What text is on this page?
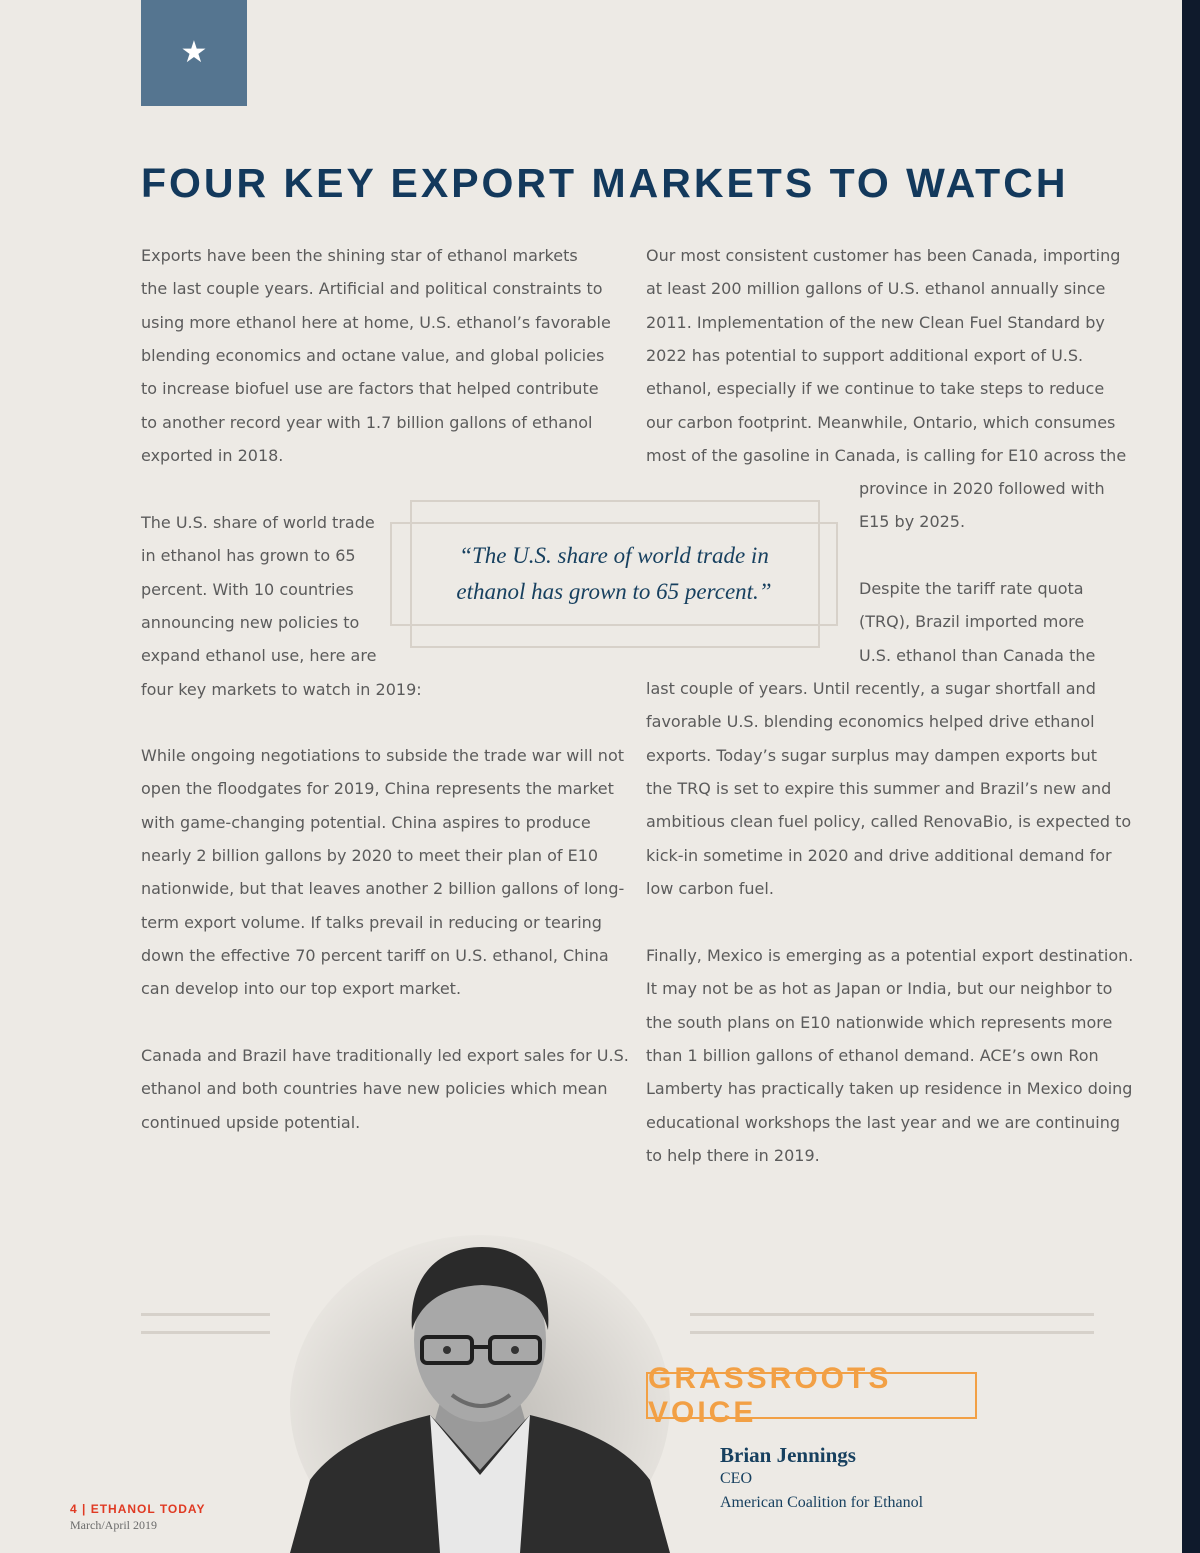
★
FOUR KEY EXPORT MARKETS TO WATCH
Exports have been the shining star of ethanol markets
the last couple years. Artificial and political constraints to
using more ethanol here at home, U.S. ethanol’s favorable
blending economics and octane value, and global policies
to increase biofuel use are factors that helped contribute
to another record year with 1.7 billion gallons of ethanol
exported in 2018.
The U.S. share of world trade
in ethanol has grown to 65
percent. With 10 countries
announcing new policies to
expand ethanol use, here are
four key markets to watch in 2019:
While ongoing negotiations to subside the trade war will not
open the floodgates for 2019, China represents the market
with game-changing potential. China aspires to produce
nearly 2 billion gallons by 2020 to meet their plan of E10
nationwide, but that leaves another 2 billion gallons of long-
term export volume. If talks prevail in reducing or tearing
down the effective 70 percent tariff on U.S. ethanol, China
can develop into our top export market.
Canada and Brazil have traditionally led export sales for U.S.
ethanol and both countries have new policies which mean
continued upside potential.
Our most consistent customer has been Canada, importing
at least 200 million gallons of U.S. ethanol annually since
2011. Implementation of the new Clean Fuel Standard by
2022 has potential to support additional export of U.S.
ethanol, especially if we continue to take steps to reduce
our carbon footprint. Meanwhile, Ontario, which consumes
most of the gasoline in Canada, is calling for E10 across the
province in 2020 followed with
E15 by 2025.
Despite the tariff rate quota
(TRQ), Brazil imported more
U.S. ethanol than Canada the
last couple of years. Until recently, a sugar shortfall and
favorable U.S. blending economics helped drive ethanol
exports. Today’s sugar surplus may dampen exports but
the TRQ is set to expire this summer and Brazil’s new and
ambitious clean fuel policy, called RenovaBio, is expected to
kick-in sometime in 2020 and drive additional demand for
low carbon fuel.
Finally, Mexico is emerging as a potential export destination.
It may not be as hot as Japan or India, but our neighbor to
the south plans on E10 nationwide which represents more
than 1 billion gallons of ethanol demand. ACE’s own Ron
Lamberty has practically taken up residence in Mexico doing
educational workshops the last year and we are continuing
to help there in 2019.
“The U.S. share of world trade in
ethanol has grown to 65 percent.”
GRASSROOTS VOICE
Brian Jennings
CEO
American Coalition for Ethanol
4 | ETHANOL TODAY
March/April 2019
